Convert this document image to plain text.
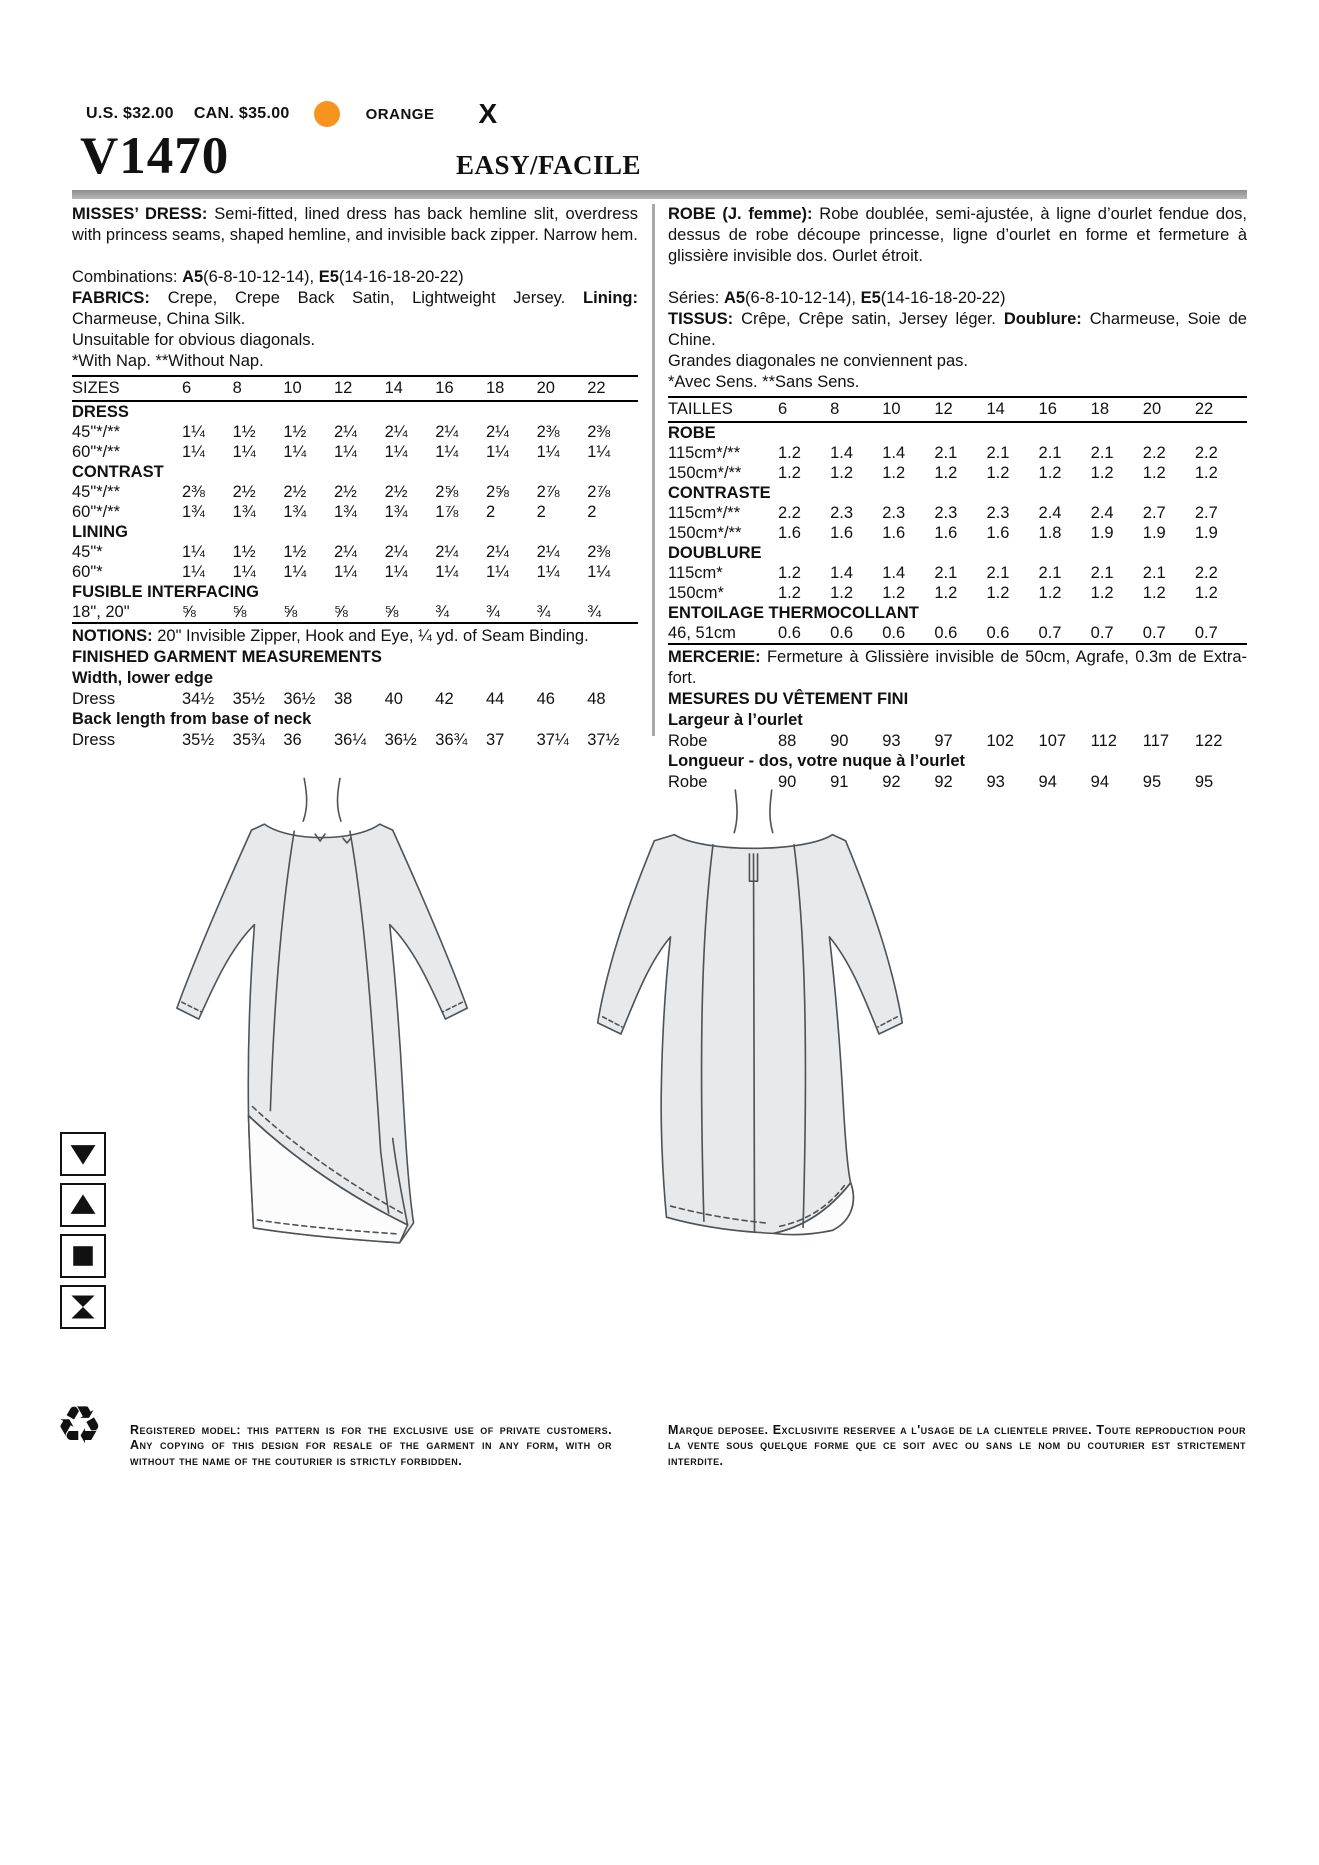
U.S. $32.00 CAN. $35.00	ORANGE X
V1470	EASY/FACILE

MISSES’ DRESS: Semi-fitted, lined dress has back hemline slit, overdress with princess seams, shaped hemline, and invisible back zipper. Narrow hem.

Combinations: A5(6-8-10-12-14), E5(14-16-18-20-22)

FABRICS: Crepe, Crepe Back Satin, Lightweight Jersey. Lining: Charmeuse, China Silk.

Unsuitable for obvious diagonals.

*With Nap. **Without Nap.

SIZES	6	8	10	12	14	16	18	20	22
DRESS									
45"*/**	1¼	1½	1½	2¼	2¼	2¼	2¼	2⅜	2⅜
60"*/**	1¼	1¼	1¼	1¼	1¼	1¼	1¼	1¼	1¼
CONTRAST									
45"*/**	2⅜	2½	2½	2½	2½	2⅝	2⅝	2⅞	2⅞
60"*/**	1¾	1¾	1¾	1¾	1¾	1⅞	2	2	2
LINING									
45"*	1¼	1½	1½	2¼	2¼	2¼	2¼	2¼	2⅜
60"*	1¼	1¼	1¼	1¼	1¼	1¼	1¼	1¼	1¼
FUSIBLE INTERFACING									
18", 20"	⅝	⅝	⅝	⅝	⅝	¾	¾	¾	¾

NOTIONS: 20" Invisible Zipper, Hook and Eye, ¼ yd. of Seam Binding.

FINISHED GARMENT MEASUREMENTS

Width, lower edge

Dress	34½	35½	36½	38	40	42	44	46	48

Back length from base of neck

Dress	35½	35¾	36	36¼	36½	36¾	37	37¼	37½

ROBE (J. femme): Robe doublée, semi-ajustée, à ligne d’ourlet fendue dos, dessus de robe découpe princesse, ligne d’ourlet en forme et fermeture à glissière invisible dos. Ourlet étroit.

Séries: A5(6-8-10-12-14), E5(14-16-18-20-22)

TISSUS: Crêpe, Crêpe satin, Jersey léger. Doublure: Charmeuse, Soie de Chine.

Grandes diagonales ne conviennent pas.

*Avec Sens. **Sans Sens.

TAILLES	6	8	10	12	14	16	18	20	22
ROBE									
115cm*/**	1.2	1.4	1.4	2.1	2.1	2.1	2.1	2.2	2.2
150cm*/**	1.2	1.2	1.2	1.2	1.2	1.2	1.2	1.2	1.2
CONTRASTE									
115cm*/**	2.2	2.3	2.3	2.3	2.3	2.4	2.4	2.7	2.7
150cm*/**	1.6	1.6	1.6	1.6	1.6	1.8	1.9	1.9	1.9
DOUBLURE									
115cm*	1.2	1.4	1.4	2.1	2.1	2.1	2.1	2.1	2.2
150cm*	1.2	1.2	1.2	1.2	1.2	1.2	1.2	1.2	1.2
ENTOILAGE THERMOCOLLANT									
46, 51cm	0.6	0.6	0.6	0.6	0.6	0.7	0.7	0.7	0.7

MERCERIE: Fermeture à Glissière invisible de 50cm, Agrafe, 0.3m de Extra-fort.

MESURES DU VÊTEMENT FINI

Largeur à l’ourlet

Robe	88	90	93	97	102	107	112	117	122

Longueur - dos, votre nuque à l’ourlet

Robe	90	91	92	92	93	94	94	95	95
♻ Registered model: this pattern is for the exclusive use of private customers. Any copying of this design for resale of the garment in any form, with or without the name of the couturier is strictly forbidden.

Marque deposee. Exclusivite reservee a l'usage de la clientele privee. Toute reproduction pour la vente sous quelque forme que ce soit avec ou sans le nom du couturier est strictement interdite.
